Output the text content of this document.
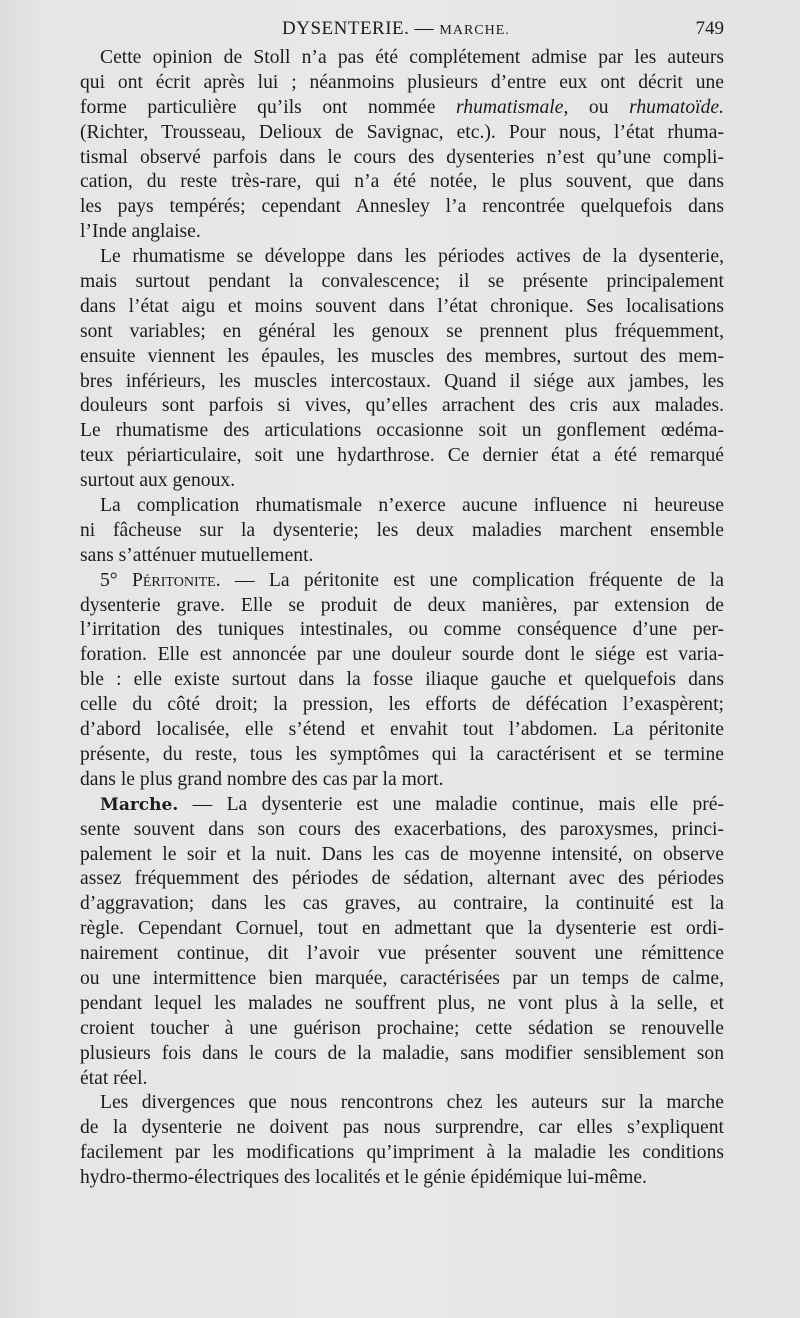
DYSENTERIE. — MARCHE.	749
Cette opinion de Stoll n’a pas été complétement admise par les auteurs
qui ont écrit après lui ; néanmoins plusieurs d’entre eux ont décrit une
forme particulière qu’ils ont nommée rhumatismale, ou rhumatoïde.
(Richter, Trousseau, Delioux de Savignac, etc.). Pour nous, l’état rhuma-
tismal observé parfois dans le cours des dysenteries n’est qu’une compli-
cation, du reste très-rare, qui n’a été notée, le plus souvent, que dans
les pays tempérés; cependant Annesley l’a rencontrée quelquefois dans
l’Inde anglaise.
Le rhumatisme se développe dans les périodes actives de la dysenterie,
mais surtout pendant la convalescence; il se présente principalement
dans l’état aigu et moins souvent dans l’état chronique. Ses localisations
sont variables; en général les genoux se prennent plus fréquemment,
ensuite viennent les épaules, les muscles des membres, surtout des mem-
bres inférieurs, les muscles intercostaux. Quand il siége aux jambes, les
douleurs sont parfois si vives, qu’elles arrachent des cris aux malades.
Le rhumatisme des articulations occasionne soit un gonflement œdéma-
teux périarticulaire, soit une hydarthrose. Ce dernier état a été remarqué
surtout aux genoux.
La complication rhumatismale n’exerce aucune influence ni heureuse
ni fâcheuse sur la dysenterie; les deux maladies marchent ensemble
sans s’atténuer mutuellement.
5° Péritonite. — La péritonite est une complication fréquente de la
dysenterie grave. Elle se produit de deux manières, par extension de
l’irritation des tuniques intestinales, ou comme conséquence d’une per-
foration. Elle est annoncée par une douleur sourde dont le siége est varia-
ble : elle existe surtout dans la fosse iliaque gauche et quelquefois dans
celle du côté droit; la pression, les efforts de défécation l’exaspèrent;
d’abord localisée, elle s’étend et envahit tout l’abdomen. La péritonite
présente, du reste, tous les symptômes qui la caractérisent et se termine
dans le plus grand nombre des cas par la mort.
Marche. — La dysenterie est une maladie continue, mais elle pré-
sente souvent dans son cours des exacerbations, des paroxysmes, princi-
palement le soir et la nuit. Dans les cas de moyenne intensité, on observe
assez fréquemment des périodes de sédation, alternant avec des périodes
d’aggravation; dans les cas graves, au contraire, la continuité est la
règle. Cependant Cornuel, tout en admettant que la dysenterie est ordi-
nairement continue, dit l’avoir vue présenter souvent une rémittence
ou une intermittence bien marquée, caractérisées par un temps de calme,
pendant lequel les malades ne souffrent plus, ne vont plus à la selle, et
croient toucher à une guérison prochaine; cette sédation se renouvelle
plusieurs fois dans le cours de la maladie, sans modifier sensiblement son
état réel.
Les divergences que nous rencontrons chez les auteurs sur la marche
de la dysenterie ne doivent pas nous surprendre, car elles s’expliquent
facilement par les modifications qu’impriment à la maladie les conditions
hydro-thermo-électriques des localités et le génie épidémique lui-même.
